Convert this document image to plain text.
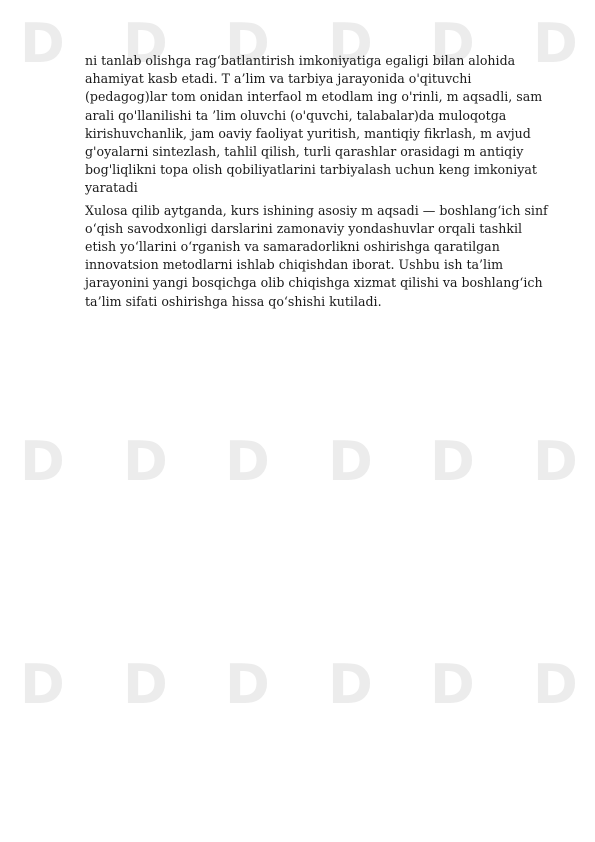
D D D D D D
D D D D D D
D D D D D D

ni tanlab olishga rag‘batlantirish imkoniyatiga egaligi bilan alohida
ahamiyat kasb etadi. T a’lim va tarbiya jarayonida o'qituvchi
(pedagog)lar tom onidan interfaol m etodlam ing o'rinli, m aqsadli, sam
arali qo'llanilishi ta ’lim oluvchi (o'quvchi, talabalar)da muloqotga
kirishuvchanlik, jam oaviy faoliyat yuritish, mantiqiy fikrlash, m avjud
g'oyalarni sintezlash, tahlil qilish, turli qarashlar orasidagi m antiqiy
bog'liqlikni topa olish qobiliyatlarini tarbiyalash uchun keng imkoniyat
yaratadi

Xulosa qilib aytganda, kurs ishining asosiy m aqsadi — boshlang‘ich sinf
o‘qish savodxonligi darslarini zamonaviy yondashuvlar orqali tashkil
etish yo‘llarini o‘rganish va samaradorlikni oshirishga qaratilgan
innovatsion metodlarni ishlab chiqishdan iborat. Ushbu ish ta’lim
jarayonini yangi bosqichga olib chiqishga xizmat qilishi va boshlang‘ich
ta’lim sifati oshirishga hissa qo‘shishi kutiladi.
